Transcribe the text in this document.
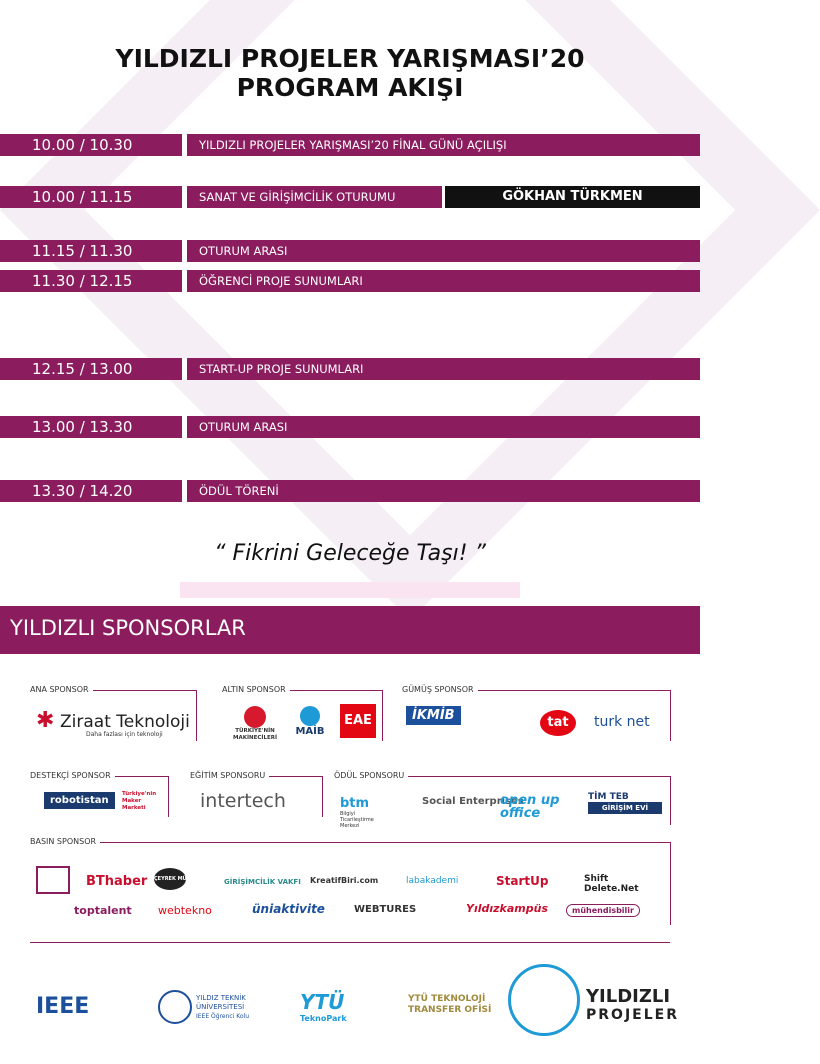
YILDIZLI PROJELER YARIŞMASI’20
PROGRAM AKIŞI
10.00 / 10.30	YILDIZLI PROJELER YARIŞMASI’20 FİNAL GÜNÜ AÇILIŞI
10.00 / 11.15	SANAT VE GİRİŞİMCİLİK OTURUMU	GÖKHAN TÜRKMEN
11.15 / 11.30	OTURUM ARASI
11.30 / 12.15	ÖĞRENCİ PROJE SUNUMLARI
12.15 / 13.00	START-UP PROJE SUNUMLARI
13.00 / 13.30	OTURUM ARASI
13.30 / 14.20	ÖDÜL TÖRENİ
“ Fikrini Geleceğe Taşı! ”
YILDIZLI SPONSORLAR
ANA SPONSOR	ALTIN SPONSOR	GÜMÜŞ SPONSOR
DESTEKÇİ SPONSOR	EĞİTİM SPONSORU	ÖDÜL SPONSORU
BASIN SPONSOR
✱ Ziraat Teknoloji
Daha fazlası için teknoloji	TÜRKİYE'NİN MAKİNECİLERİ
MAİB
EAE	İKMİB	tat	turk net
robotistan
Türkiye'nin Maker Marketi	intertech	btm
Bilgiyi Ticarileştirme Merkezi
Social Enterprises
open up office
TİM TEB
GİRİŞİM EVİ
BThaber ÇEYREK MÜHENDİS GİRİŞİMCİLİK VAKFI KreatifBiri.com	labakademi	StartUp	Shift Delete.Net
toptalent webtekno	üniaktivite	WEBTURES	Yıldızkampüs	mühendisbilir
IEEE	YILDIZ TEKNİK ÜNİVERSİTESİ
IEEE Öğrenci Kolu
YTÜ
TeknoPark
YTÜ TEKNOLOJİ TRANSFER OFİSİ
YILDIZLI
PROJELER
